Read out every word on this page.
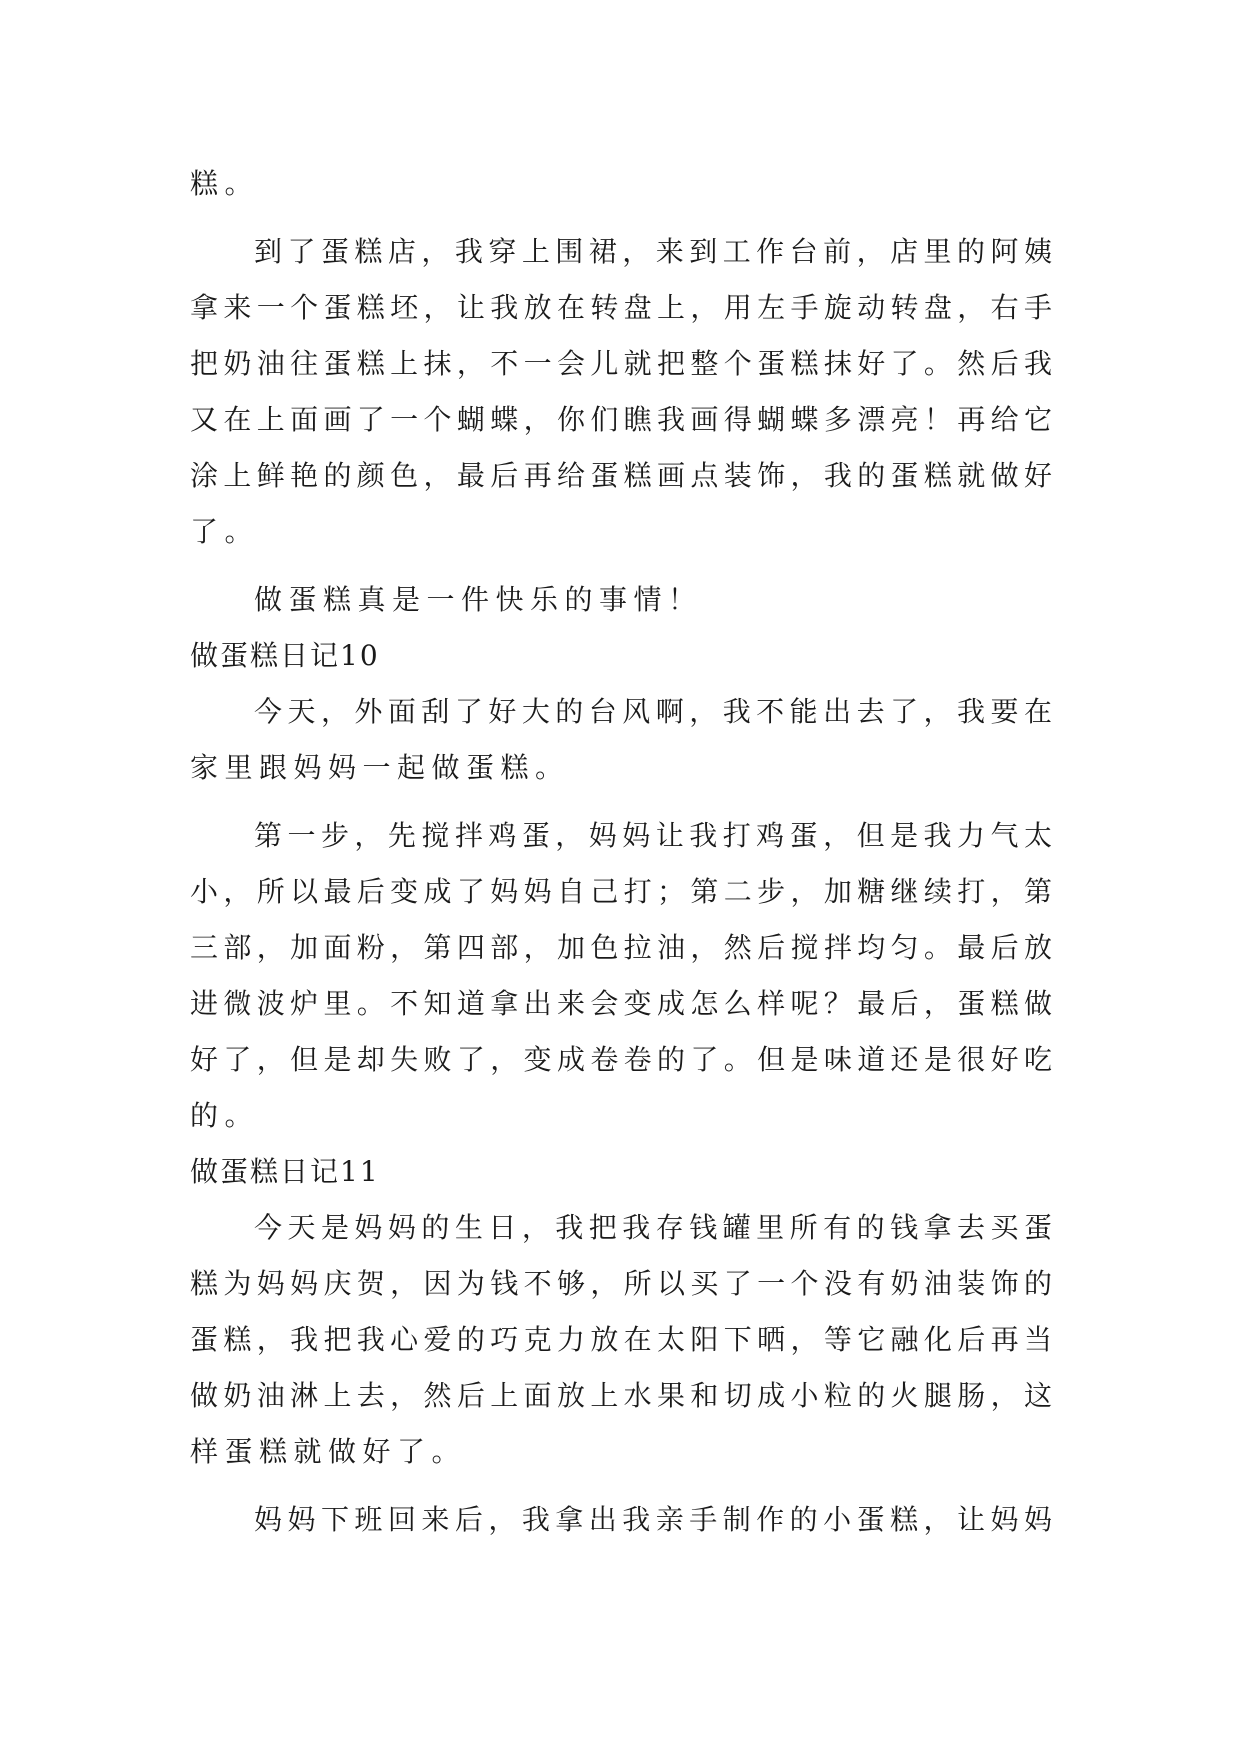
糕。
到了蛋糕店，我穿上围裙，来到工作台前，店里的阿姨
拿来一个蛋糕坯，让我放在转盘上，用左手旋动转盘，右手
把奶油往蛋糕上抹，不一会儿就把整个蛋糕抹好了。然后我
又在上面画了一个蝴蝶，你们瞧我画得蝴蝶多漂亮！再给它
涂上鲜艳的颜色，最后再给蛋糕画点装饰，我的蛋糕就做好
了。
做蛋糕真是一件快乐的事情！
做蛋糕日记10
今天，外面刮了好大的台风啊，我不能出去了，我要在
家里跟妈妈一起做蛋糕。
第一步，先搅拌鸡蛋，妈妈让我打鸡蛋，但是我力气太
小，所以最后变成了妈妈自己打；第二步，加糖继续打，第
三部，加面粉，第四部，加色拉油，然后搅拌均匀。最后放
进微波炉里。不知道拿出来会变成怎么样呢？最后，蛋糕做
好了，但是却失败了，变成卷卷的了。但是味道还是很好吃
的。
做蛋糕日记11
今天是妈妈的生日，我把我存钱罐里所有的钱拿去买蛋
糕为妈妈庆贺，因为钱不够，所以买了一个没有奶油装饰的
蛋糕，我把我心爱的巧克力放在太阳下晒，等它融化后再当
做奶油淋上去，然后上面放上水果和切成小粒的火腿肠，这
样蛋糕就做好了。
妈妈下班回来后，我拿出我亲手制作的小蛋糕，让妈妈
